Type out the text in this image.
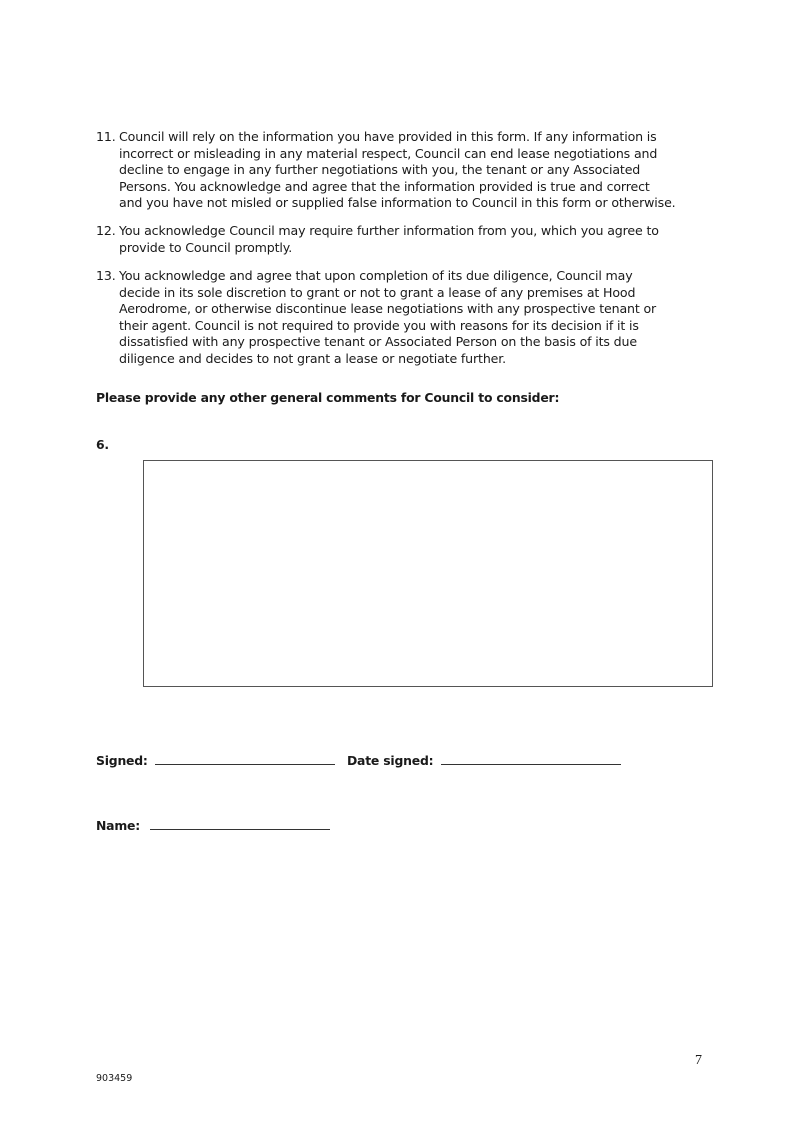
11. Council will rely on the information you have provided in this form. If any information is
incorrect or misleading in any material respect, Council can end lease negotiations and
decline to engage in any further negotiations with you, the tenant or any Associated
Persons. You acknowledge and agree that the information provided is true and correct
and you have not misled or supplied false information to Council in this form or otherwise.
12. You acknowledge Council may require further information from you, which you agree to
provide to Council promptly.
13. You acknowledge and agree that upon completion of its due diligence, Council may
decide in its sole discretion to grant or not to grant a lease of any premises at Hood
Aerodrome, or otherwise discontinue lease negotiations with any prospective tenant or
their agent. Council is not required to provide you with reasons for its decision if it is
dissatisfied with any prospective tenant or Associated Person on the basis of its due
diligence and decides to not grant a lease or negotiate further.
Please provide any other general comments for Council to consider:
6.
Signed:	Date signed:
Name:
7
903459
